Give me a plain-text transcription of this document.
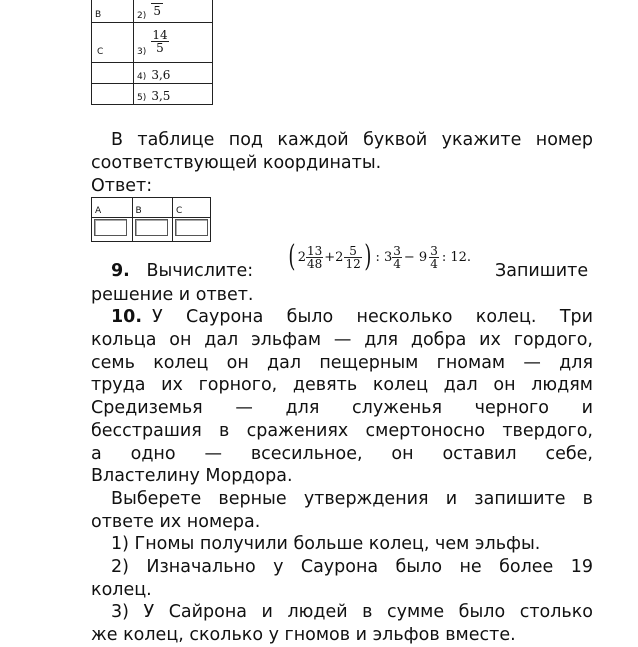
$_B$	2) 5
$_C$	$3) \frac{14}{5}$

	4) 3,6
	5) 3,5
В таблице под каждой буквой укажите номер
соответствующей координаты.
Ответ:
A	B	C

9. Вычислите: ( $2 \frac{13}{48} +2 \frac{5}{12}$ ) : $3 \frac{3}{4} - 9 \frac{3}{4}$ : 12.
Запишите
решение и ответ.
10. У Саурона было несколько колец. Три
кольца он дал эльфам — для добра их гордого,
семь колец он дал пещерным гномам — для
труда их горного, девять колец дал он людям
Средиземья — для служенья черного и
бесстрашия в сражениях смертоносно твердого,
а одно — всесильное, он оставил себе,
Властелину Мордора.
Выберете верные утверждения и запишите в
ответе их номера.
1) Гномы получили больше колец, чем эльфы.
2) Изначально у Саурона было не более 19
колец.
3) У Сайрона и людей в сумме было столько
же колец, сколько у гномов и эльфов вместе.
